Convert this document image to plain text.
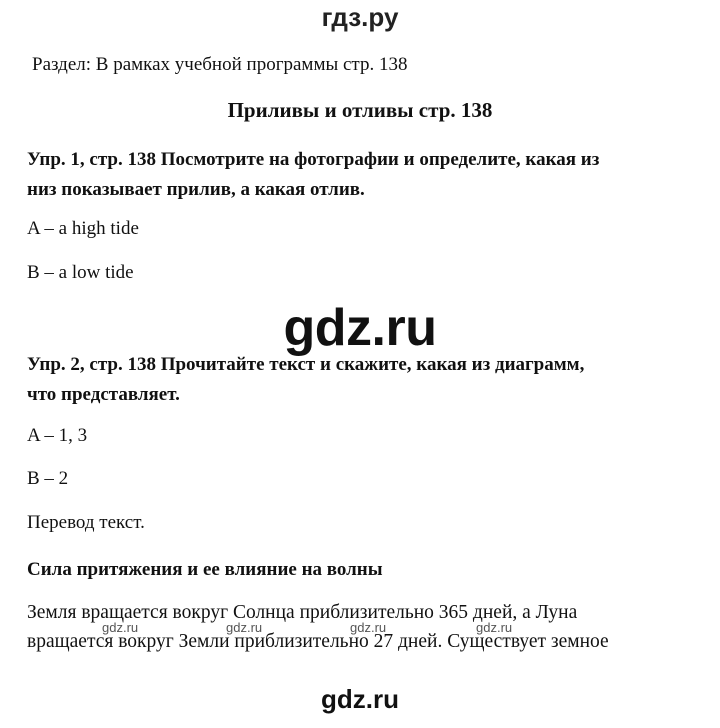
гдз.ру
Раздел: В рамках учебной программы стр. 138
Приливы и отливы стр. 138
Упр. 1, стр. 138 Посмотрите на фотографии и определите, какая из
низ показывает прилив, а какая отлив.
A – a high tide
B – a low tide
gdz.ru
Упр. 2, стр. 138 Прочитайте текст и скажите, какая из диаграмм,
что представляет.
A – 1, 3
B – 2
Перевод текст.
Сила притяжения и ее влияние на волны
Земля вращается вокруг Солнца приблизительно 365 дней, а Луна
вращается вокруг Земли приблизительно 27 дней. Существует земное
gdz.ru	gdz.ru	gdz.ru	gdz.ru
gdz.ru
